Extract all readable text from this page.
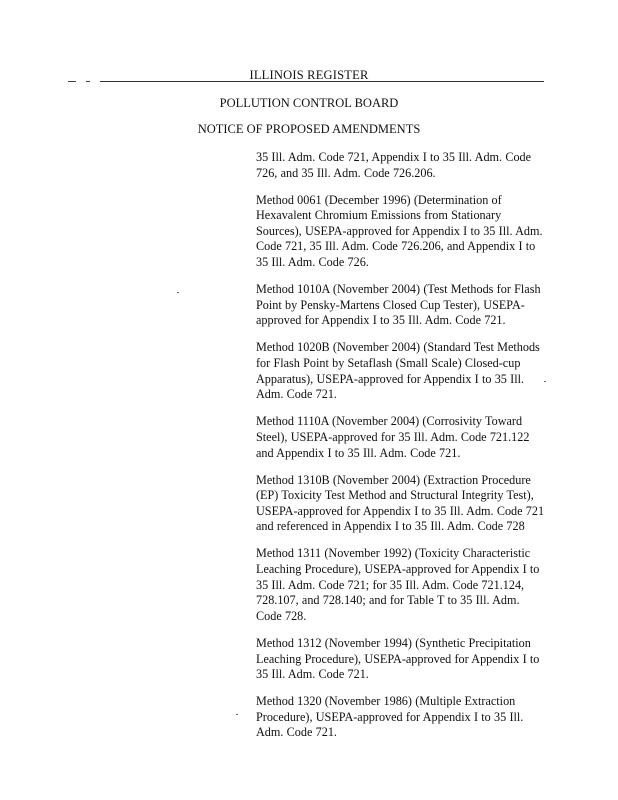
ILLINOIS REGISTER
POLLUTION CONTROL BOARD
NOTICE OF PROPOSED AMENDMENTS

35 Ill. Adm. Code 721, Appendix I to 35 Ill. Adm. Code 726, and 35 Ill. Adm. Code 726.206.

Method 0061 (December 1996) (Determination of Hexavalent Chromium Emissions from Stationary Sources), USEPA-approved for Appendix I to 35 Ill. Adm. Code 721, 35 Ill. Adm. Code 726.206, and Appendix I to 35 Ill. Adm. Code 726.

Method 1010A (November 2004) (Test Methods for Flash Point by Pensky-Martens Closed Cup Tester), USEPA-approved for Appendix I to 35 Ill. Adm. Code 721.

Method 1020B (November 2004) (Standard Test Methods for Flash Point by Setaflash (Small Scale) Closed-cup Apparatus), USEPA-approved for Appendix I to 35 Ill. Adm. Code 721.

Method 1110A (November 2004) (Corrosivity Toward Steel), USEPA-approved for 35 Ill. Adm. Code 721.122 and Appendix I to 35 Ill. Adm. Code 721.

Method 1310B (November 2004) (Extraction Procedure (EP) Toxicity Test Method and Structural Integrity Test), USEPA-approved for Appendix I to 35 Ill. Adm. Code 721 and referenced in Appendix I to 35 Ill. Adm. Code 728

Method 1311 (November 1992) (Toxicity Characteristic Leaching Procedure), USEPA-approved for Appendix I to 35 Ill. Adm. Code 721; for 35 Ill. Adm. Code 721.124, 728.107, and 728.140; and for Table T to 35 Ill. Adm. Code 728.

Method 1312 (November 1994) (Synthetic Precipitation Leaching Procedure), USEPA-approved for Appendix I to 35 Ill. Adm. Code 721.

Method 1320 (November 1986) (Multiple Extraction Procedure), USEPA-approved for Appendix I to 35 Ill. Adm. Code 721.
